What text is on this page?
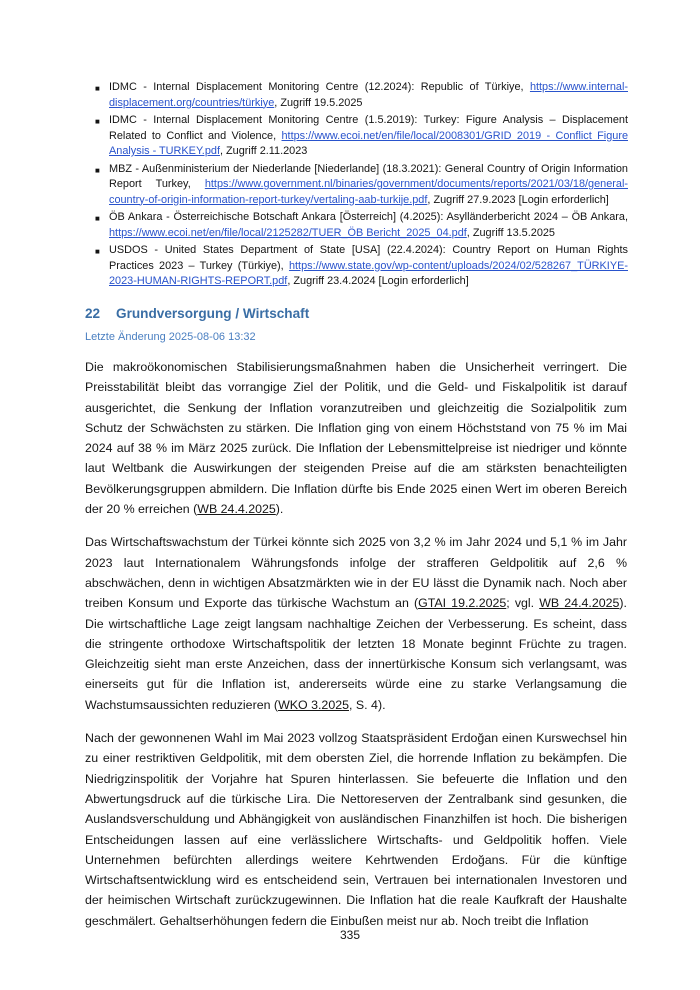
■ IDMC - Internal Displacement Monitoring Centre (12.2024): Republic of Türkiye, https://www.internal-displacement.org/countries/türkiye, Zugriff 19.5.2025
■ IDMC - Internal Displacement Monitoring Centre (1.5.2019): Turkey: Figure Analysis – Displacement Related to Conflict and Violence, https://www.ecoi.net/en/file/local/2008301/GRID 2019 - Conflict Figure Analysis - TURKEY.pdf, Zugriff 2.11.2023
■ MBZ - Außenministerium der Niederlande [Niederlande] (18.3.2021): General Country of Origin Information Report Turkey, https://www.government.nl/binaries/government/documents/reports/2021/03/18/general-country-of-origin-information-report-turkey/vertaling-aab-turkije.pdf, Zugriff 27.9.2023 [Login erforderlich]
■ ÖB Ankara - Österreichische Botschaft Ankara [Österreich] (4.2025): Asylländerbericht 2024 – ÖB Ankara, https://www.ecoi.net/en/file/local/2125282/TUER_ÖB Bericht_2025_04.pdf, Zugriff 13.5.2025
■ USDOS - United States Department of State [USA] (22.4.2024): Country Report on Human Rights Practices 2023 – Turkey (Türkiye), https://www.state.gov/wp-content/uploads/2024/02/528267_TÜRKIYE-2023-HUMAN-RIGHTS-REPORT.pdf, Zugriff 23.4.2024 [Login erforderlich]
22 Grundversorgung / Wirtschaft
Letzte Änderung 2025-08-06 13:32

Die makroökonomischen Stabilisierungsmaßnahmen haben die Unsicherheit verringert. Die Preisstabilität bleibt das vorrangige Ziel der Politik, und die Geld- und Fiskalpolitik ist darauf ausgerichtet, die Senkung der Inflation voranzutreiben und gleichzeitig die Sozialpolitik zum Schutz der Schwächsten zu stärken. Die Inflation ging von einem Höchststand von 75 % im Mai 2024 auf 38 % im März 2025 zurück. Die Inflation der Lebensmittelpreise ist niedriger und könnte laut Weltbank die Auswirkungen der steigenden Preise auf die am stärksten benachteiligten Bevölkerungsgruppen abmildern. Die Inflation dürfte bis Ende 2025 einen Wert im oberen Bereich der 20 % erreichen (WB 24.4.2025).

Das Wirtschaftswachstum der Türkei könnte sich 2025 von 3,2 % im Jahr 2024 und 5,1 % im Jahr 2023 laut Internationalem Währungsfonds infolge der strafferen Geldpolitik auf 2,6 % abschwächen, denn in wichtigen Absatzmärkten wie in der EU lässt die Dynamik nach. Noch aber treiben Konsum und Exporte das türkische Wachstum an (GTAI 19.2.2025; vgl. WB 24.4.2025). Die wirtschaftliche Lage zeigt langsam nachhaltige Zeichen der Verbesserung. Es scheint, dass die stringente orthodoxe Wirtschaftspolitik der letzten 18 Monate beginnt Früchte zu tragen. Gleichzeitig sieht man erste Anzeichen, dass der innertürkische Konsum sich verlangsamt, was einerseits gut für die Inflation ist, andererseits würde eine zu starke Verlangsamung die Wachstumsaussichten reduzieren (WKO 3.2025, S. 4).

Nach der gewonnenen Wahl im Mai 2023 vollzog Staatspräsident Erdoğan einen Kurswechsel hin zu einer restriktiven Geldpolitik, mit dem obersten Ziel, die horrende Inflation zu bekämpfen. Die Niedrigzinspolitik der Vorjahre hat Spuren hinterlassen. Sie befeuerte die Inflation und den Abwertungsdruck auf die türkische Lira. Die Nettoreserven der Zentralbank sind gesunken, die Auslandsverschuldung und Abhängigkeit von ausländischen Finanzhilfen ist hoch. Die bisherigen Entscheidungen lassen auf eine verlässlichere Wirtschafts- und Geldpolitik hoffen. Viele Unternehmen befürchten allerdings weitere Kehrtwenden Erdoğans. Für die künftige Wirtschaftsentwicklung wird es entscheidend sein, Vertrauen bei internationalen Investoren und der heimischen Wirtschaft zurückzugewinnen. Die Inflation hat die reale Kaufkraft der Haushalte geschmälert. Gehaltserhöhungen federn die Einbußen meist nur ab. Noch treibt die Inflation

335
